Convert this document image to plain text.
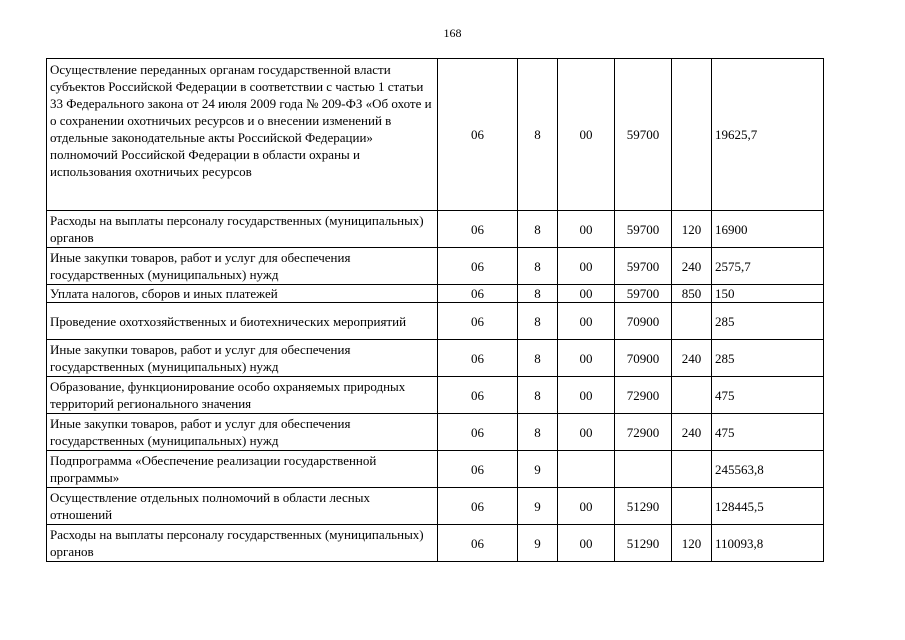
168
Осуществление переданных органам государственной власти субъектов Российской Федерации в соответствии с частью 1 статьи 33 Федерального закона от 24 июля 2009 года № 209-ФЗ «Об охоте и о сохранении охотничьих ресурсов и о внесении изменений в отдельные законодательные акты Российской Федерации» полномочий Российской Федерации в области охраны и использования охотничьих ресурсов	06	8	00	59700		19625,7
Расходы на выплаты персоналу государственных (муниципальных) органов	06	8	00	59700	120	16900
Иные закупки товаров, работ и услуг для обеспечения государственных (муниципальных) нужд	06	8	00	59700	240	2575,7
Уплата налогов, сборов и иных платежей	06	8	00	59700	850	150
Проведение охотхозяйственных и биотехнических мероприятий	06	8	00	70900		285
Иные закупки товаров, работ и услуг для обеспечения государственных (муниципальных) нужд	06	8	00	70900	240	285
Образование, функционирование особо охраняемых природных территорий регионального значения	06	8	00	72900		475
Иные закупки товаров, работ и услуг для обеспечения государственных (муниципальных) нужд	06	8	00	72900	240	475
Подпрограмма «Обеспечение реализации государственной программы»	06	9				245563,8
Осуществление отдельных полномочий в области лесных отношений	06	9	00	51290		128445,5
Расходы на выплаты персоналу государственных (муниципальных) органов	06	9	00	51290	120	110093,8
